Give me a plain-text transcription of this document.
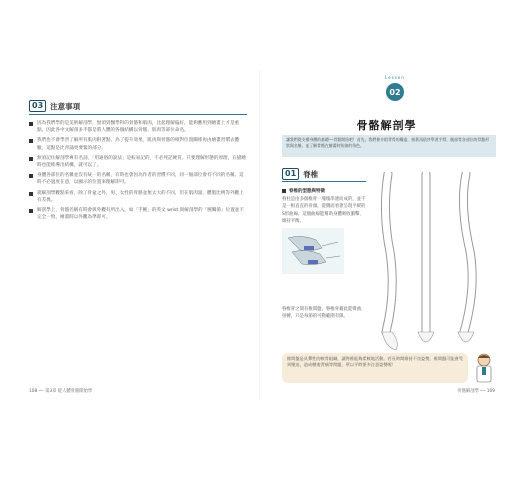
03 注意事項
因為我們學的是美術解剖學，無須到醫學科的骨骼和肌肉，比起理解偏好，能夠應用到繪畫上才是重點。因此各中文解剖多半都是將人體的各個結構以骨骼、肌肉等部位命名。
我們也不會學習了解所有肌肉附著點，為了提升效果，肌肉與骨骼的相對位置關係再由繪畫習慣去體驗，這點是比背誦更要緊的部分。
無須記住解剖學專有名詞，「用通俗的說法」是較易記的，不必死記硬背。只要理解形態的原理，在描繪時也能推導出結構，就可以了。
身體各部位的名稱並沒有統一的名稱，有時也會因為作者的習慣不同，同一個部位會有不同的名稱。這時不必過度在意，以圖示的位置來理解即可。
就解剖學觀點來看，除了骨盆之外，男、女性的骨骼並無太大的不同，但在肌肉量、體脂比例等外觀上有差異。
解剖學上，骨骼名稱有時會與外觀有所出入，如「手腕」的英文 wrist 與解剖學的「腕關節」位置並不完全一致，繪畫時以外觀為準即可。
108 ── 第3章 從人體骨骼開始學
Lesson
02
骨骼解剖學
讓我們從支撐身體的基礎──骨骼開始吧！首先，我們會介紹背骨的構造，接著再依序學習手臂、腿部等各部位的骨骼形狀與名稱，並了解骨骼在繪畫時扮演的角色。
01 脊椎
脊椎的型態與特徵
脊柱是由多個椎骨一塊塊串連而成的，並不是一根直直的骨頭。從側面看會呈現平緩的S形曲線，這個曲線能幫助身體吸收衝擊、維持平衡。
脊椎骨之間有椎間盤，脊椎骨藉此能彎曲、扭轉，只是每節的可動範圍有限。
椎間盤是具彈性的軟骨組織，讓脊椎能夠柔軟地活動。若長時間維持不良姿勢，椎間盤可能會受到壓迫，造成腰痠背痛等問題，所以平時要多注意姿勢喔！
骨骼解剖學 ── 109
